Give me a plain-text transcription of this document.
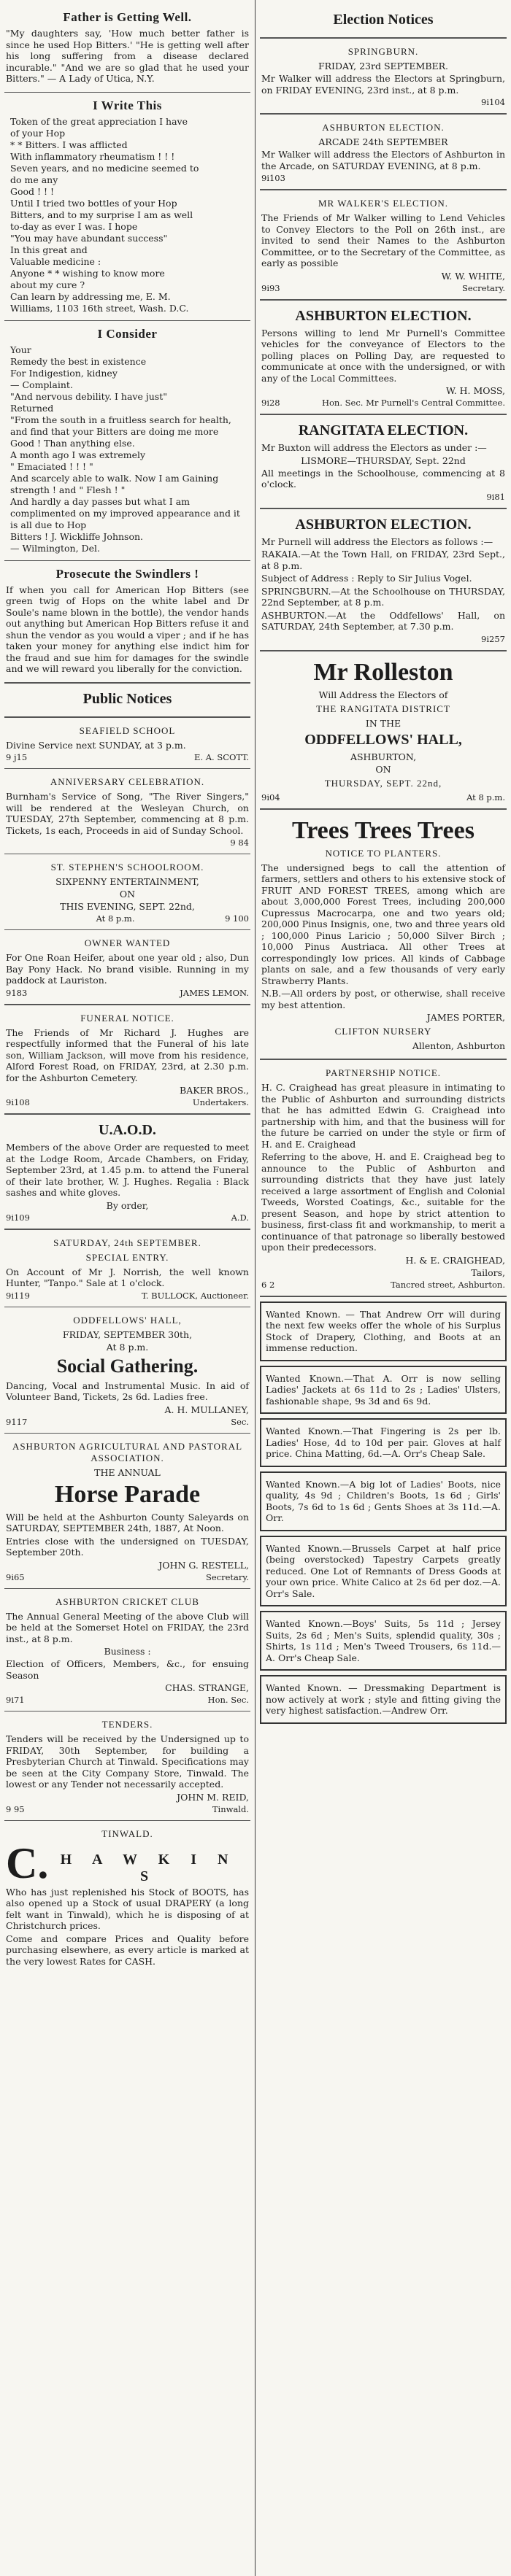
Father is Getting Well.
"My daughters say, 'How much better father is since he used Hop Bitters.' "He is getting well after his long suffering from a disease declared incurable." "And we are so glad that he used your Bitters." — A Lady of Utica, N.Y.
I Write This
Token of the great appreciation I have
of your Hop
* * Bitters. I was afflicted
With inflammatory rheumatism ! ! !
Seven years, and no medicine seemed to
do me any
Good ! ! !
Until I tried two bottles of your Hop
Bitters, and to my surprise I am as well
to-day as ever I was. I hope
"You may have abundant success"
In this great and
Valuable medicine :
Anyone * * wishing to know more
about my cure ?
Can learn by addressing me, E. M.
Williams, 1103 16th street, Wash. D.C.
I Consider
Your
Remedy the best in existence
For Indigestion, kidney
— Complaint.
"And nervous debility. I have just"
Returned
"From the south in a fruitless search for health, and find that your Bitters are doing me more
Good ! Than anything else.
A month ago I was extremely
" Emaciated ! ! ! "
And scarcely able to walk. Now I am Gaining strength ! and " Flesh ! "
And hardly a day passes but what I am complimented on my improved appearance and it is all due to Hop
Bitters ! J. Wickliffe Johnson.
— Wilmington, Del.
Prosecute the Swindlers !
If when you call for American Hop Bitters (see green twig of Hops on the white label and Dr Soule's name blown in the bottle), the vendor hands out anything but American Hop Bitters refuse it and shun the vendor as you would a viper ; and if he has taken your money for anything else indict him for the fraud and sue him for damages for the swindle and we will reward you liberally for the conviction.
Public Notices
SEAFIELD SCHOOL
Divine Service next SUNDAY, at 3 p.m.
9 j15	E. A. SCOTT.
ANNIVERSARY CELEBRATION.
Burnham's Service of Song, "The River Singers," will be rendered at the Wesleyan Church, on TUESDAY, 27th September, commencing at 8 p.m. Tickets, 1s each, Proceeds in aid of Sunday School.
9 84
ST. STEPHEN'S SCHOOLROOM.
SIXPENNY ENTERTAINMENT,
ON
THIS EVENING, SEPT. 22nd,
At 8 p.m.	9 100
OWNER WANTED
For One Roan Heifer, about one year old ; also, Dun Bay Pony Hack. No brand visible. Running in my paddock at Lauriston.
9183	JAMES LEMON.
FUNERAL NOTICE.
The Friends of Mr Richard J. Hughes are respectfully informed that the Funeral of his late son, William Jackson, will move from his residence, Alford Forest Road, on FRIDAY, 23rd, at 2.30 p.m. for the Ashburton Cemetery.
BAKER BROS.,
9i108	Undertakers.
U.A.O.D.
Members of the above Order are requested to meet at the Lodge Room, Arcade Chambers, on Friday, September 23rd, at 1.45 p.m. to attend the Funeral of their late brother, W. J. Hughes. Regalia : Black sashes and white gloves.
By order,
9i109	A.D.
SATURDAY, 24th SEPTEMBER.
SPECIAL ENTRY.
On Account of Mr J. Norrish, the well known Hunter, "Tanpo." Sale at 1 o'clock.
9i119	T. BULLOCK, Auctioneer.
ODDFELLOWS' HALL,
FRIDAY, SEPTEMBER 30th,
At 8 p.m.
Social Gathering.
Dancing, Vocal and Instrumental Music. In aid of Volunteer Band, Tickets, 2s 6d. Ladies free.
A. H. MULLANEY,
9117	Sec.
ASHBURTON AGRICULTURAL AND PASTORAL ASSOCIATION.
THE ANNUAL
Horse Parade
Will be held at the Ashburton County Saleyards on SATURDAY, SEPTEMBER 24th, 1887, At Noon.
Entries close with the undersigned on TUESDAY, September 20th.
JOHN G. RESTELL,
9i65	Secretary.
ASHBURTON CRICKET CLUB
The Annual General Meeting of the above Club will be held at the Somerset Hotel on FRIDAY, the 23rd inst., at 8 p.m.
Business :
Election of Officers, Members, &c., for ensuing Season
CHAS. STRANGE,
9i71	Hon. Sec.
TENDERS.
Tenders will be received by the Undersigned up to FRIDAY, 30th September, for building a Presbyterian Church at Tinwald. Specifications may be seen at the City Company Store, Tinwald. The lowest or any Tender not necessarily accepted.
JOHN M. REID,
9 95	Tinwald.
TINWALD.
C. H A W K I N S
Who has just replenished his Stock of BOOTS, has also opened up a Stock of usual DRAPERY (a long felt want in Tinwald), which he is disposing of at Christchurch prices.
Come and compare Prices and Quality before purchasing elsewhere, as every article is marked at the very lowest Rates for CASH.
Election Notices
SPRINGBURN.
FRIDAY, 23rd SEPTEMBER.
Mr Walker will address the Electors at Springburn, on FRIDAY EVENING, 23rd inst., at 8 p.m.
9i104
ASHBURTON ELECTION.
ARCADE 24th SEPTEMBER
Mr Walker will address the Electors of Ashburton in the Arcade, on SATURDAY EVENING, at 8 p.m.
9i103
MR WALKER'S ELECTION.
The Friends of Mr Walker willing to Lend Vehicles to Convey Electors to the Poll on 26th inst., are invited to send their Names to the Ashburton Committee, or to the Secretary of the Committee, as early as possible
W. W. WHITE,
9i93	Secretary.
ASHBURTON ELECTION.
Persons willing to lend Mr Purnell's Committee vehicles for the conveyance of Electors to the polling places on Polling Day, are requested to communicate at once with the undersigned, or with any of the Local Committees.
W. H. MOSS,
9i28	Hon. Sec. Mr Purnell's Central Committee.
RANGITATA ELECTION.
Mr Buxton will address the Electors as under :—
LISMORE—THURSDAY, Sept. 22nd
All meetings in the Schoolhouse, commencing at 8 o'clock.
9i81
ASHBURTON ELECTION.
Mr Purnell will address the Electors as follows :—
RAKAIA.—At the Town Hall, on FRIDAY, 23rd Sept., at 8 p.m.
Subject of Address : Reply to Sir Julius Vogel.
SPRINGBURN.—At the Schoolhouse on THURSDAY, 22nd September, at 8 p.m.
ASHBURTON.—At the Oddfellows' Hall, on SATURDAY, 24th September, at 7.30 p.m.
9i257
Mr Rolleston
Will Address the Electors of
THE RANGITATA DISTRICT
IN THE
ODDFELLOWS' HALL,
ASHBURTON,
ON
THURSDAY, SEPT. 22nd,
9i04	At 8 p.m.
Trees Trees Trees
NOTICE TO PLANTERS.
The undersigned begs to call the attention of farmers, settlers and others to his extensive stock of FRUIT AND FOREST TREES, among which are about 3,000,000 Forest Trees, including 200,000 Cupressus Macrocarpa, one and two years old; 200,000 Pinus Insignis, one, two and three years old ; 100,000 Pinus Laricio ; 50,000 Silver Birch ; 10,000 Pinus Austriaca. All other Trees at correspondingly low prices. All kinds of Cabbage plants on sale, and a few thousands of very early Strawberry Plants.
N.B.—All orders by post, or otherwise, shall receive my best attention.
JAMES PORTER,
CLIFTON NURSERY
Allenton, Ashburton
PARTNERSHIP NOTICE.
H. C. Craighead has great pleasure in intimating to the Public of Ashburton and surrounding districts that he has admitted Edwin G. Craighead into partnership with him, and that the business will for the future be carried on under the style or firm of H. and E. Craighead
Referring to the above, H. and E. Craighead beg to announce to the Public of Ashburton and surrounding districts that they have just lately received a large assortment of English and Colonial Tweeds, Worsted Coatings, &c., suitable for the present Season, and hope by strict attention to business, first-class fit and workmanship, to merit a continuance of that patronage so liberally bestowed upon their predecessors.
H. & E. CRAIGHEAD,
Tailors,
6 2	Tancred street, Ashburton.
Wanted Known. — That Andrew Orr will during the next few weeks offer the whole of his Surplus Stock of Drapery, Clothing, and Boots at an immense reduction.
Wanted Known.—That A. Orr is now selling Ladies' Jackets at 6s 11d to 2s ; Ladies' Ulsters, fashionable shape, 9s 3d and 6s 9d.
Wanted Known.—That Fingering is 2s per lb. Ladies' Hose, 4d to 10d per pair. Gloves at half price. China Matting, 6d.—A. Orr's Cheap Sale.
Wanted Known.—A big lot of Ladies' Boots, nice quality, 4s 9d ; Children's Boots, 1s 6d ; Girls' Boots, 7s 6d to 1s 6d ; Gents Shoes at 3s 11d.—A. Orr.
Wanted Known.—Brussels Carpet at half price (being overstocked) Tapestry Carpets greatly reduced. One Lot of Remnants of Dress Goods at your own price. White Calico at 2s 6d per doz.—A. Orr's Sale.
Wanted Known.—Boys' Suits, 5s 11d ; Jersey Suits, 2s 6d ; Men's Suits, splendid quality, 30s ; Shirts, 1s 11d ; Men's Tweed Trousers, 6s 11d.—A. Orr's Cheap Sale.
Wanted Known. — Dressmaking Department is now actively at work ; style and fitting giving the very highest satisfaction.—Andrew Orr.
